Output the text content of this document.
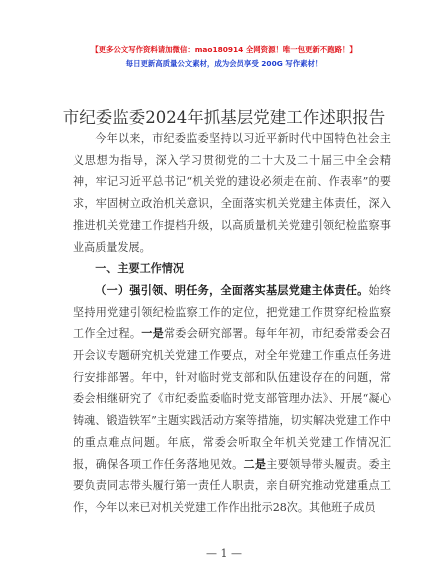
【更多公文写作资料请加微信：mao180914 全网资源！唯一包更新不跑路！】
每日更新高质量公文素材，成为会员享受 200G 写作素材！
市纪委监委2024年抓基层党建工作述职报告

今年以来，市纪委监委坚持以习近平新时代中国特色社会主义思想为指导，深入学习贯彻党的二十大及二十届三中全会精神，牢记习近平总书记“机关党的建设必须走在前、作表率”的要求，牢固树立政治机关意识，全面落实机关党建主体责任，深入推进机关党建工作提档升级，以高质量机关党建引领纪检监察事业高质量发展。

一、主要工作情况

（一）强引领、明任务，全面落实基层党建主体责任。始终坚持用党建引领纪检监察工作的定位，把党建工作贯穿纪检监察工作全过程。一是常委会研究部署。每年年初，市纪委常委会召开会议专题研究机关党建工作要点，对全年党建工作重点任务进行安排部署。年中，针对临时党支部和队伍建设存在的问题，常委会相继研究了《市纪委监委临时党支部管理办法》、开展“凝心铸魂、锻造铁军”主题实践活动方案等措施，切实解决党建工作中的重点难点问题。年底，常委会听取全年机关党建工作情况汇报，确保各项工作任务落地见效。二是主要领导带头履责。委主要负责同志带头履行第一责任人职责，亲自研究推动党建重点工作，今年以来已对机关党建工作作出批示28次。其他班子成员

— 1 —
